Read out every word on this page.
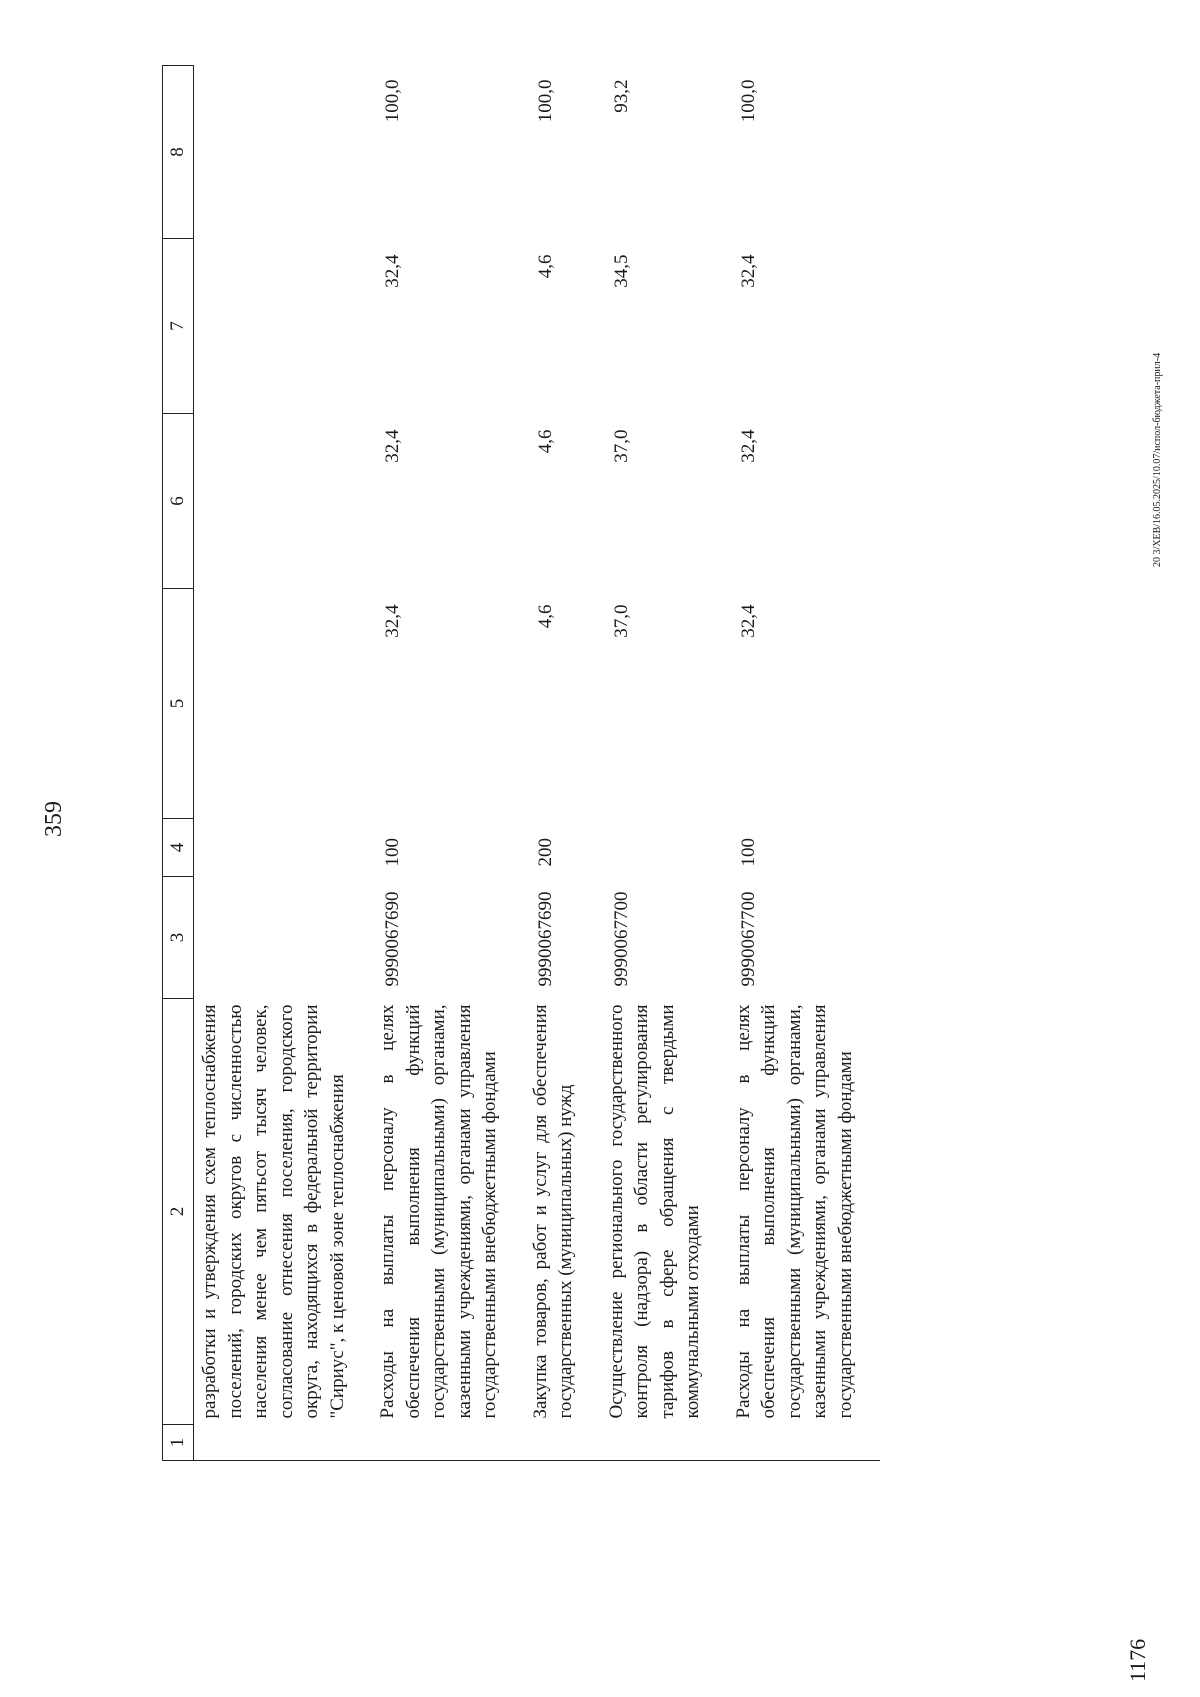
359
1	2	3	4	5	6	7	8
	разработки и утверждения схем теплоснабжения поселений, городских округов с численностью населения менее чем пятьсот тысяч человек, согласование отнесения поселения, городского округа, находящихся в федеральной территории "Сириус", к ценовой зоне теплоснабжения						
	Расходы на выплаты персоналу в целях обеспечения выполнения функций государственными (муниципальными) органами, казенными учреждениями, органами управления государственными внебюджетными фондами	9990067690	100	32,4	32,4	32,4	100,0
	Закупка товаров, работ и услуг для обеспечения государственных (муниципальных) нужд	9990067690	200	4,6	4,6	4,6	100,0
	Осуществление регионального государственного контроля (надзора) в области регулирования тарифов в сфере обращения с твердыми коммунальными отходами	9990067700		37,0	37,0	34,5	93,2
	Расходы на выплаты персоналу в целях обеспечения выполнения функций государственными (муниципальными) органами, казенными учреждениями, органами управления государственными внебюджетными фондами	9990067700	100	32,4	32,4	32,4	100,0
20 3/ХЕВ/16.05.2025/10.07/испол-бюджета-прил-4
1176
